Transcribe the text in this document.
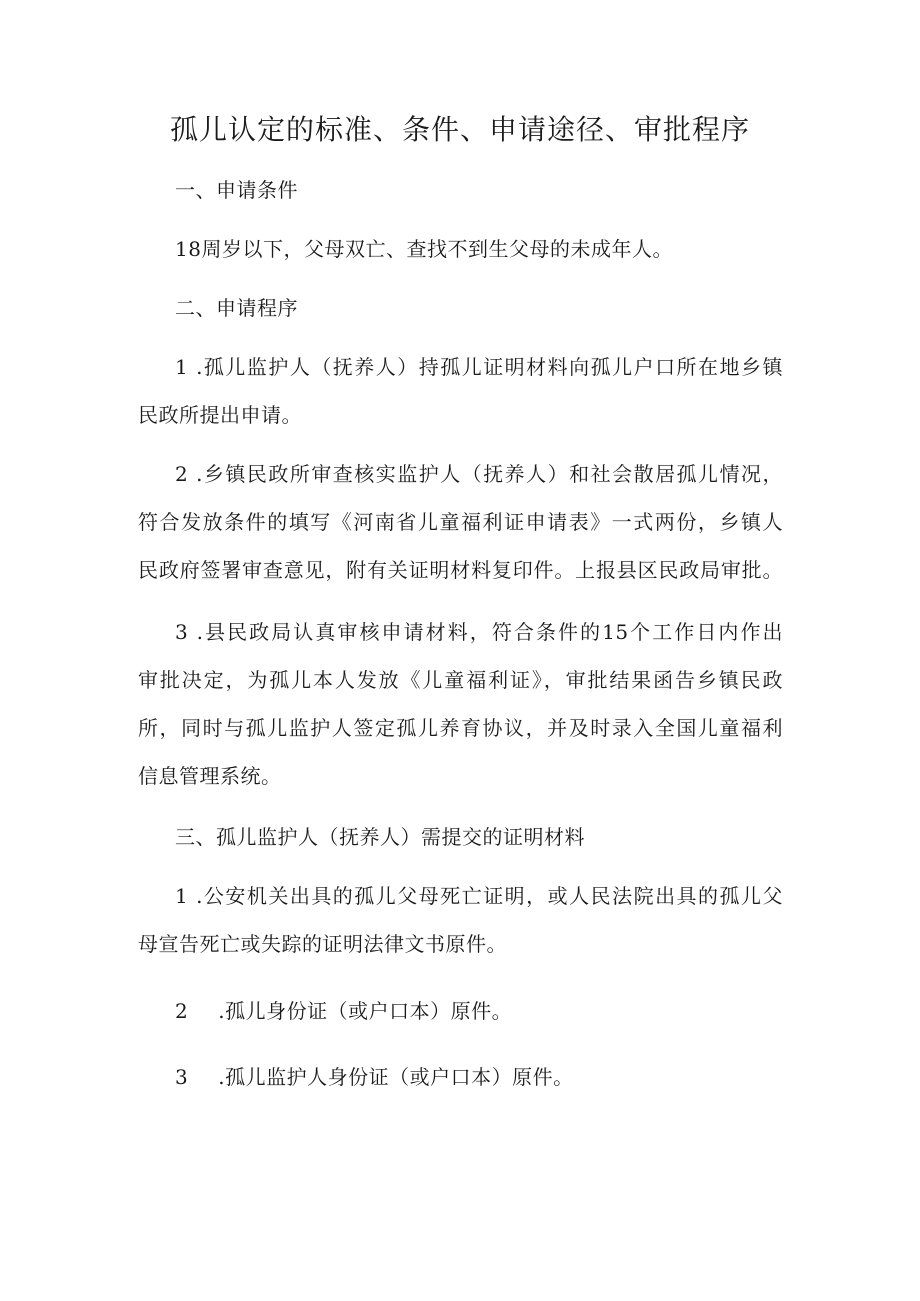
孤儿认定的标准、条件、申请途径、审批程序
一、申请条件
18周岁以下，父母双亡、查找不到生父母的未成年人。
二、申请程序
1 .孤儿监护人（抚养人）持孤儿证明材料向孤儿户口所在地乡镇
民政所提出申请。
2 .乡镇民政所审查核实监护人（抚养人）和社会散居孤儿情况，
符合发放条件的填写《河南省儿童福利证申请表》一式两份，乡镇人
民政府签署审查意见，附有关证明材料复印件。上报县区民政局审批。
3 .县民政局认真审核申请材料，符合条件的15个工作日内作出
审批决定，为孤儿本人发放《儿童福利证》，审批结果函告乡镇民政
所，同时与孤儿监护人签定孤儿养育协议，并及时录入全国儿童福利
信息管理系统。
三、孤儿监护人（抚养人）需提交的证明材料
1 .公安机关出具的孤儿父母死亡证明，或人民法院出具的孤儿父
母宣告死亡或失踪的证明法律文书原件。
2 .孤儿身份证（或户口本）原件。
3 .孤儿监护人身份证（或户口本）原件。
